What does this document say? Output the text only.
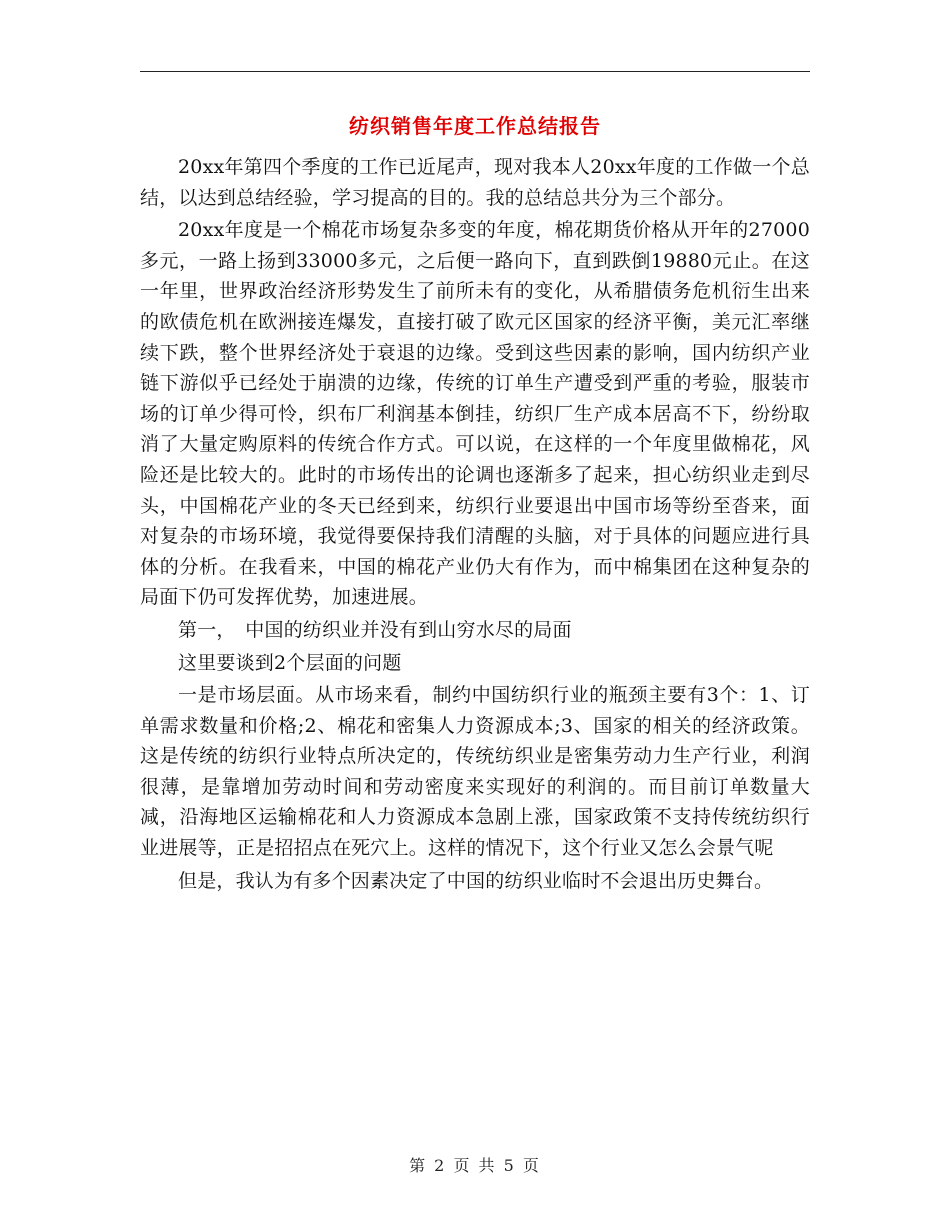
纺织销售年度工作总结报告

20xx年第四个季度的工作已近尾声，现对我本人20xx年度的工作做一个总结，以达到总结经验，学习提高的目的。我的总结总共分为三个部分。

20xx年度是一个棉花市场复杂多变的年度，棉花期货价格从开年的27000多元，一路上扬到33000多元，之后便一路向下，直到跌倒19880元止。在这一年里，世界政治经济形势发生了前所未有的变化，从希腊债务危机衍生出来的欧债危机在欧洲接连爆发，直接打破了欧元区国家的经济平衡，美元汇率继续下跌，整个世界经济处于衰退的边缘。受到这些因素的影响，国内纺织产业链下游似乎已经处于崩溃的边缘，传统的订单生产遭受到严重的考验，服装市场的订单少得可怜，织布厂利润基本倒挂，纺织厂生产成本居高不下，纷纷取消了大量定购原料的传统合作方式。可以说，在这样的一个年度里做棉花，风险还是比较大的。此时的市场传出的论调也逐渐多了起来，担心纺织业走到尽头，中国棉花产业的冬天已经到来，纺织行业要退出中国市场等纷至沓来，面对复杂的市场环境，我觉得要保持我们清醒的头脑，对于具体的问题应进行具体的分析。在我看来，中国的棉花产业仍大有作为，而中棉集团在这种复杂的局面下仍可发挥优势，加速进展。

第一，　中国的纺织业并没有到山穷水尽的局面

这里要谈到2个层面的问题

一是市场层面。从市场来看，制约中国纺织行业的瓶颈主要有3个：1、订单需求数量和价格;2、棉花和密集人力资源成本;3、国家的相关的经济政策。这是传统的纺织行业特点所决定的，传统纺织业是密集劳动力生产行业，利润很薄，是靠增加劳动时间和劳动密度来实现好的利润的。而目前订单数量大减，沿海地区运输棉花和人力资源成本急剧上涨，国家政策不支持传统纺织行业进展等，正是招招点在死穴上。这样的情况下，这个行业又怎么会景气呢

但是，我认为有多个因素决定了中国的纺织业临时不会退出历史舞台。

第 2 页 共 5 页
